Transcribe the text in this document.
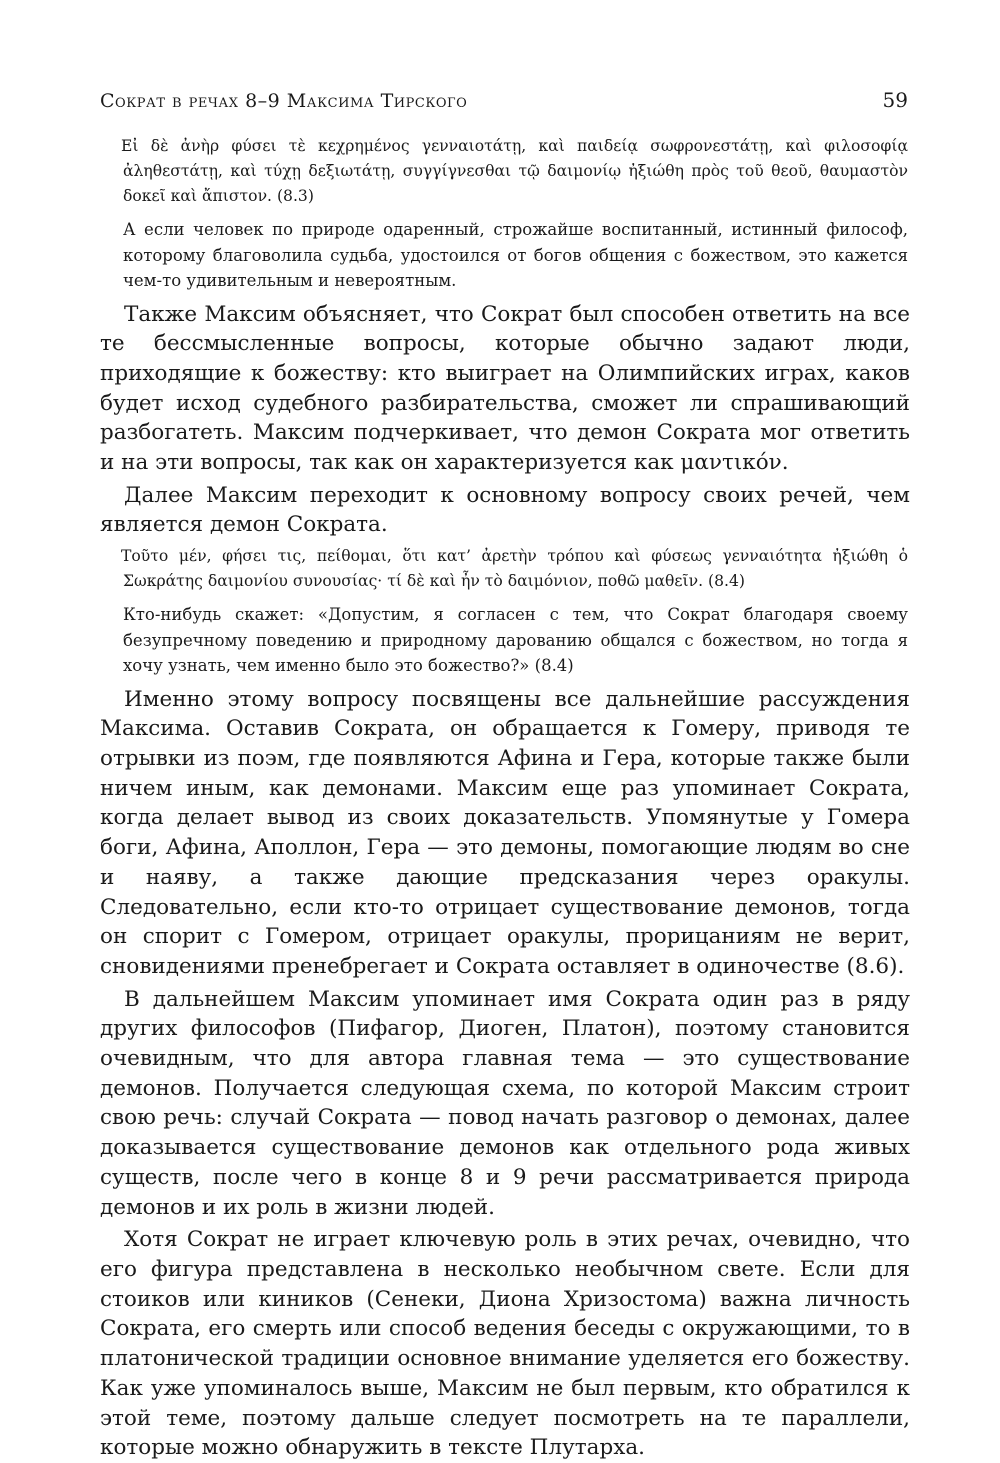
Сократ в речах 8–9 Максима Тирского	59

Εἰ δὲ ἀνὴρ φύσει τὲ κεχρημένος γενναιοτάτῃ, καὶ παιδείᾳ σωφρονεστάτῃ, καὶ φιλοσοφίᾳ ἀληθεστάτῃ, καὶ τύχῃ δεξιωτάτῃ, συγγίγνεσθαι τῷ δαιμονίῳ ἠξιώθη πρὸς τοῦ θεοῦ, θαυμαστὸν δοκεῖ καὶ ἄπιστον. (8.3)

А если человек по природе одаренный, строжайше воспитанный, истинный философ, которому благоволила судьба, удостоился от богов общения с божеством, это кажется чем-то удивительным и невероятным.

Также Максим объясняет, что Сократ был способен ответить на все те бессмысленные вопросы, которые обычно задают люди, приходящие к божеству: кто выиграет на Олимпийских играх, каков будет исход судебного разбирательства, сможет ли спрашивающий разбогатеть. Максим подчеркивает, что демон Сократа мог ответить и на эти вопросы, так как он характеризуется как μαντικόν.

Далее Максим переходит к основному вопросу своих речей, чем является демон Сократа.

Τοῦτο μέν, φήσει τις, πείθομαι, ὅτι κατ’ ἀρετὴν τρόπου καὶ φύσεως γενναιότητα ἠξιώθη ὁ Σωκράτης δαιμονίου συνουσίας· τί δὲ καὶ ἦν τὸ δαιμόνιον, ποθῶ μαθεῖν. (8.4)

Кто-нибудь скажет: «Допустим, я согласен с тем, что Сократ благодаря своему безупречному поведению и природному дарованию общался с божеством, но тогда я хочу узнать, чем именно было это божество?» (8.4)

Именно этому вопросу посвящены все дальнейшие рассуждения Максима. Оставив Сократа, он обращается к Гомеру, приводя те отрывки из поэм, где появляются Афина и Гера, которые также были ничем иным, как демонами. Максим еще раз упоминает Сократа, когда делает вывод из своих доказательств. Упомянутые у Гомера боги, Афина, Аполлон, Гера — это демоны, помогающие людям во сне и наяву, а также дающие предсказания через оракулы. Следовательно, если кто-то отрицает существование демонов, тогда он спорит с Гомером, отрицает оракулы, прорицаниям не верит, сновидениями пренебрегает и Сократа оставляет в одиночестве (8.6).

В дальнейшем Максим упоминает имя Сократа один раз в ряду других философов (Пифагор, Диоген, Платон), поэтому становится очевидным, что для автора главная тема — это существование демонов. Получается следующая схема, по которой Максим строит свою речь: случай Сократа — повод начать разговор о демонах, далее доказывается существование демонов как отдельного рода живых существ, после чего в конце 8 и 9 речи рассматривается природа демонов и их роль в жизни людей.

Хотя Сократ не играет ключевую роль в этих речах, очевидно, что его фигура представлена в несколько необычном свете. Если для стоиков или киников (Сенеки, Диона Хризостома) важна личность Сократа, его смерть или способ ведения беседы с окружающими, то в платонической традиции основное внимание уделяется его божеству. Как уже упоминалось выше, Максим не был первым, кто обратился к этой теме, поэтому дальше следует посмотреть на те параллели, которые можно обнаружить в тексте Плутарха.
